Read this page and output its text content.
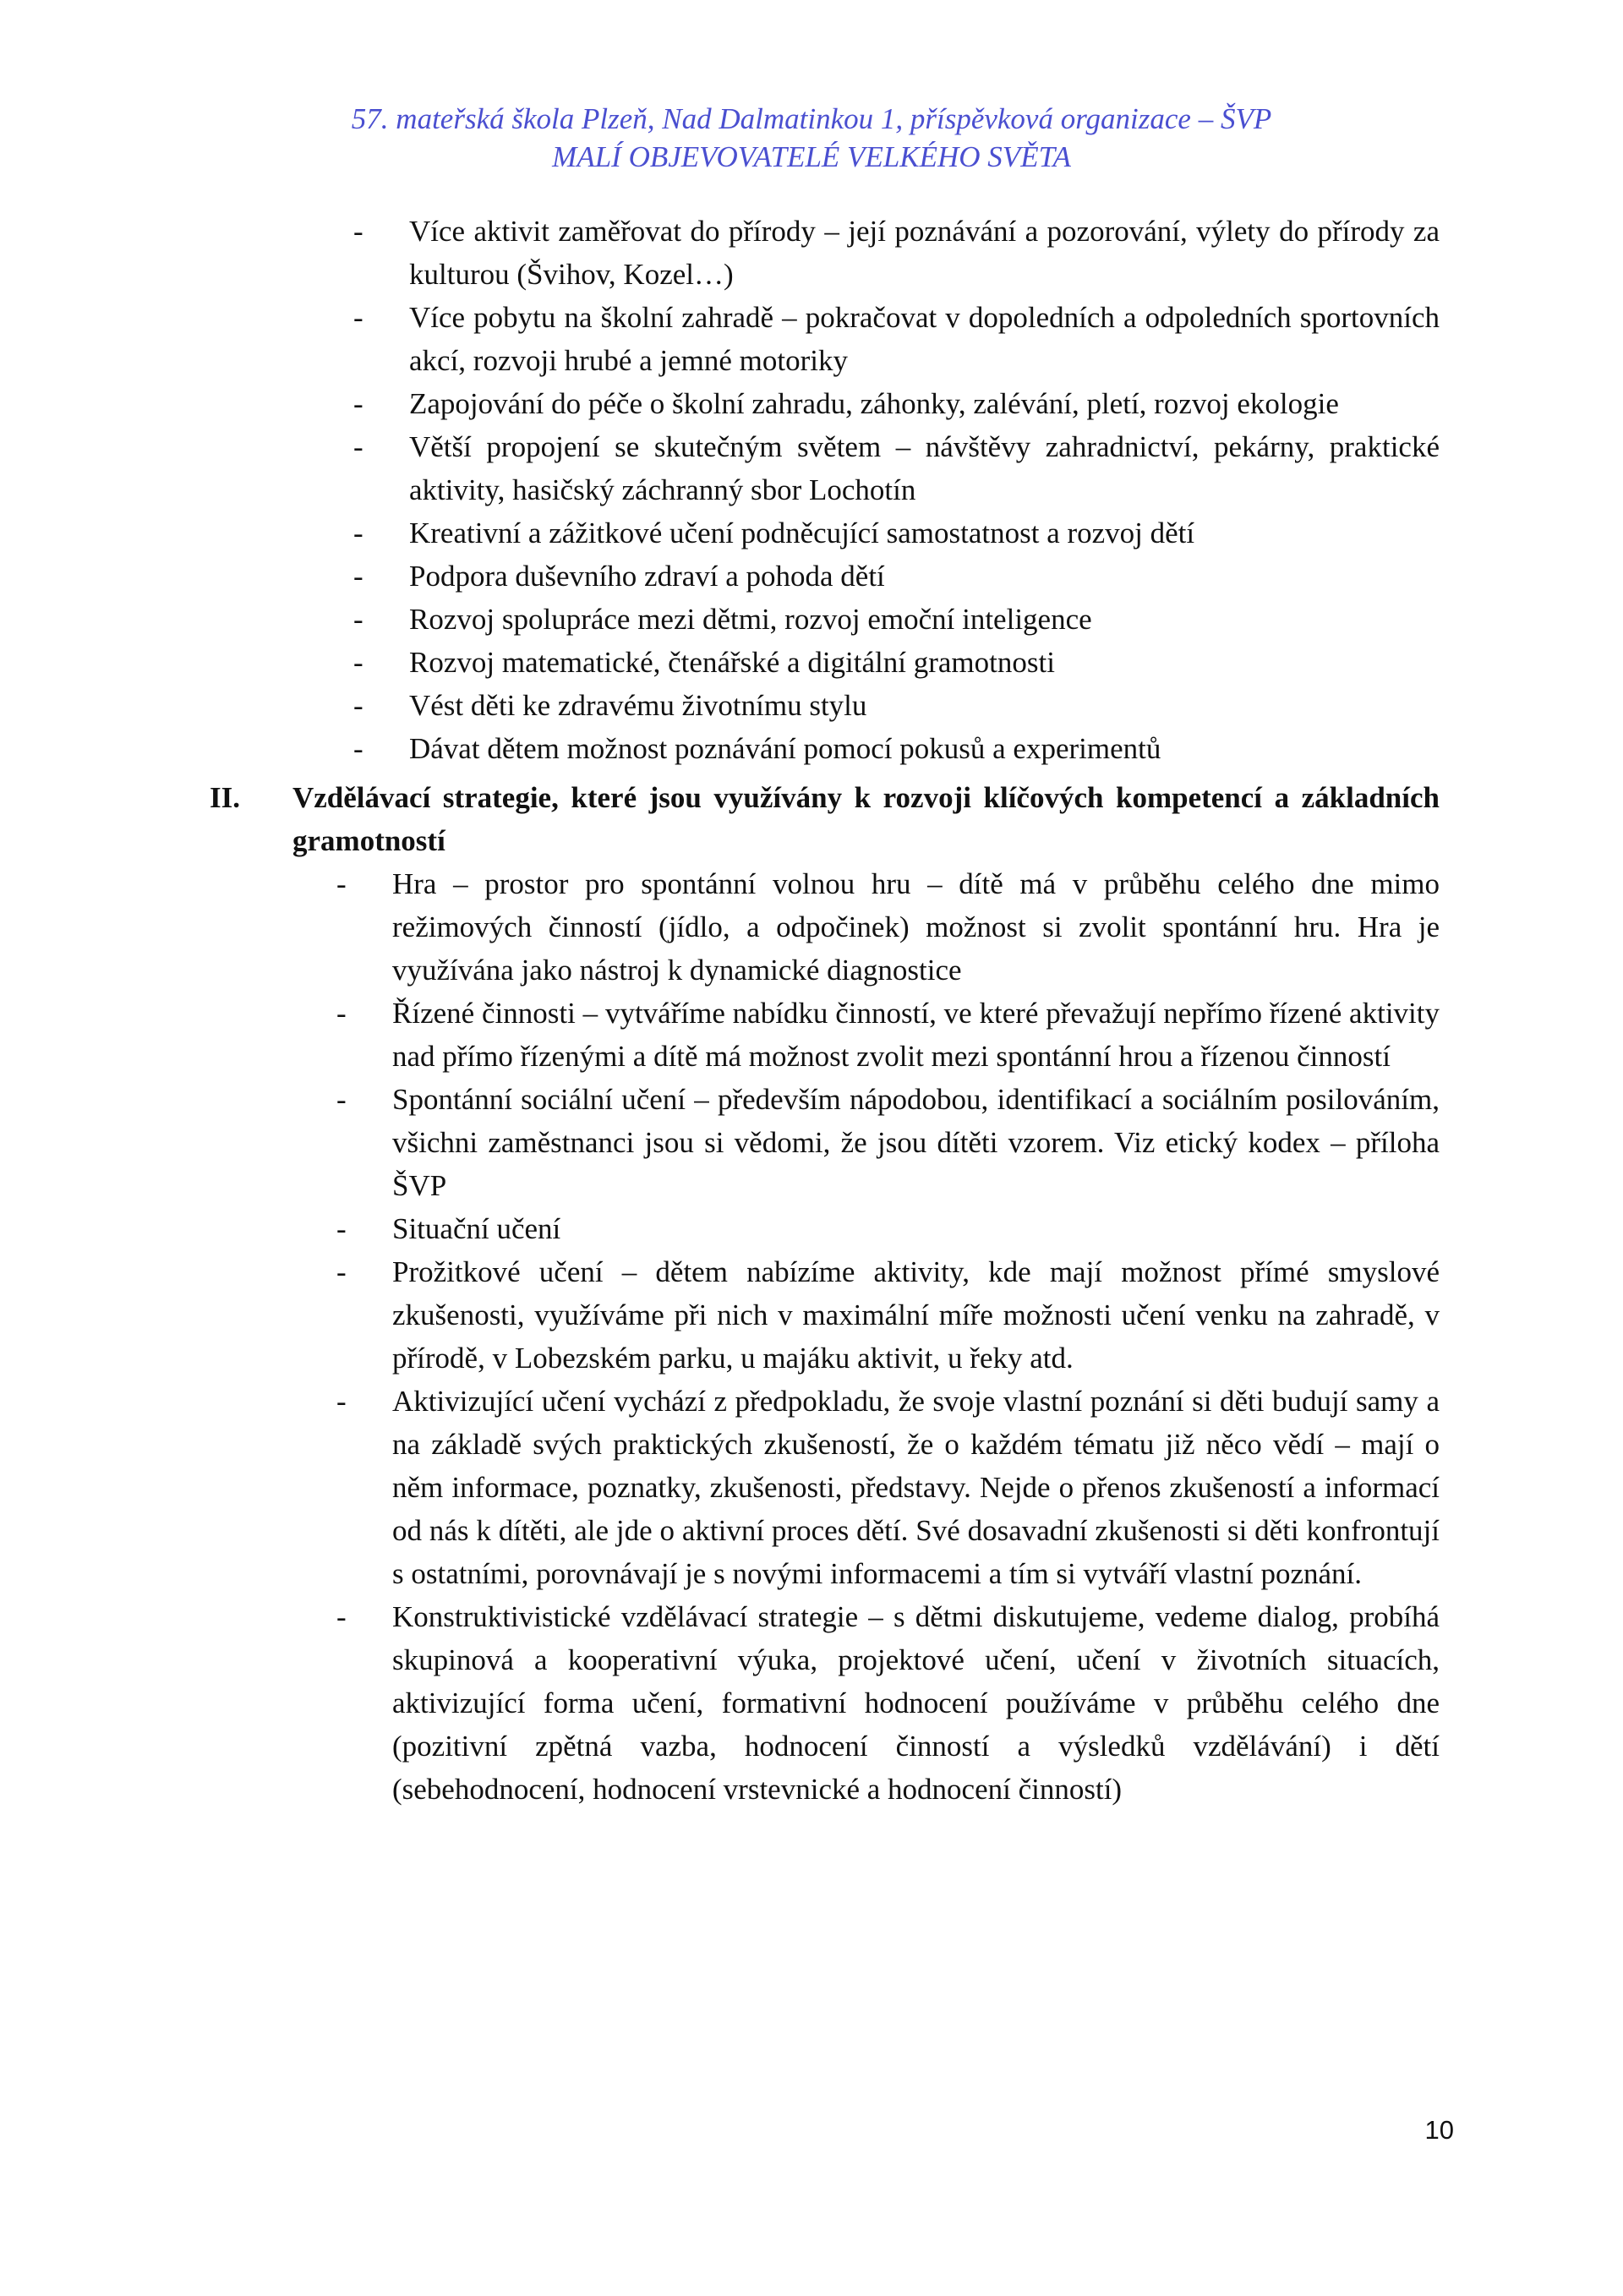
57. mateřská škola Plzeň, Nad Dalmatinkou 1, příspěvková organizace – ŠVP
MALÍ OBJEVOVATELÉ VELKÉHO SVĚTA
- Více aktivit zaměřovat do přírody – její poznávání a pozorování, výlety do přírody za kulturou (Švihov, Kozel…)
- Více pobytu na školní zahradě – pokračovat v dopoledních a odpoledních sportovních akcí, rozvoji hrubé a jemné motoriky
- Zapojování do péče o školní zahradu, záhonky, zalévání, pletí, rozvoj ekologie
- Větší propojení se skutečným světem – návštěvy zahradnictví, pekárny, praktické aktivity, hasičský záchranný sbor Lochotín
- Kreativní a zážitkové učení podněcující samostatnost a rozvoj dětí
- Podpora duševního zdraví a pohoda dětí
- Rozvoj spolupráce mezi dětmi, rozvoj emoční inteligence
- Rozvoj matematické, čtenářské a digitální gramotnosti
- Vést děti ke zdravému životnímu stylu
- Dávat dětem možnost poznávání pomocí pokusů a experimentů
II. Vzdělávací strategie, které jsou využívány k rozvoji klíčových kompetencí a základních gramotností
- Hra – prostor pro spontánní volnou hru – dítě má v průběhu celého dne mimo režimových činností (jídlo, a odpočinek) možnost si zvolit spontánní hru. Hra je využívána jako nástroj k dynamické diagnostice
- Řízené činnosti – vytváříme nabídku činností, ve které převažují nepřímo řízené aktivity nad přímo řízenými a dítě má možnost zvolit mezi spontánní hrou a řízenou činností
- Spontánní sociální učení – především nápodobou, identifikací a sociálním posilováním, všichni zaměstnanci jsou si vědomi, že jsou dítěti vzorem. Viz etický kodex – příloha ŠVP
- Situační učení
- Prožitkové učení – dětem nabízíme aktivity, kde mají možnost přímé smyslové zkušenosti, využíváme při nich v maximální míře možnosti učení venku na zahradě, v přírodě, v Lobezském parku, u majáku aktivit, u řeky atd.
- Aktivizující učení vychází z předpokladu, že svoje vlastní poznání si děti budují samy a na základě svých praktických zkušeností, že o každém tématu již něco vědí – mají o něm informace, poznatky, zkušenosti, představy. Nejde o přenos zkušeností a informací od nás k dítěti, ale jde o aktivní proces dětí. Své dosavadní zkušenosti si děti konfrontují s ostatními, porovnávají je s novými informacemi a tím si vytváří vlastní poznání.
- Konstruktivistické vzdělávací strategie – s dětmi diskutujeme, vedeme dialog, probíhá skupinová a kooperativní výuka, projektové učení, učení v životních situacích, aktivizující forma učení, formativní hodnocení používáme v průběhu celého dne (pozitivní zpětná vazba, hodnocení činností a výsledků vzdělávání) i dětí (sebehodnocení, hodnocení vrstevnické a hodnocení činností)
10
